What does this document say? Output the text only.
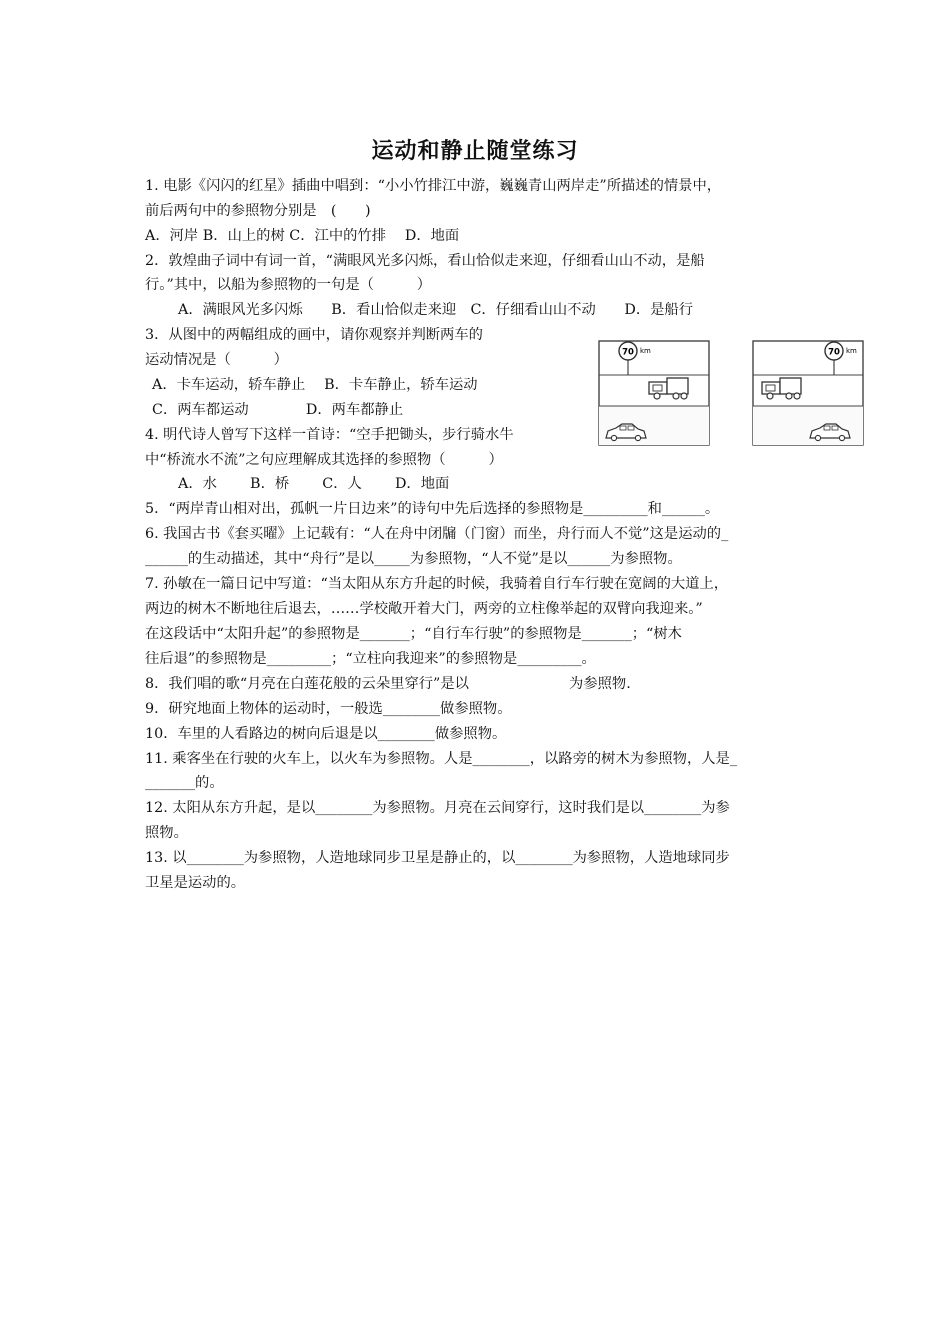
运动和静止随堂练习
1. 电影《闪闪的红星》插曲中唱到：“小小竹排江中游，巍巍青山两岸走”所描述的情景中，
前后两句中的参照物分别是　(　　)
A．河岸 B．山上的树 C．江中的竹排　 D．地面
2．敦煌曲子词中有词一首，“满眼风光多闪烁，看山恰似走来迎，仔细看山山不动，是船
行。”其中，以船为参照物的一句是（　　　）
A．满眼风光多闪烁　　B．看山恰似走来迎　C．仔细看山山不动　　D．是船行
3．从图中的两幅组成的画中，请你观察并判断两车的
运动情况是（　　　）
A．卡车运动，轿车静止　 B．卡车静止，轿车运动
C．两车都运动　　　　D．两车都静止
4. 明代诗人曾写下这样一首诗：“空手把锄头，步行骑水牛
中“桥流水不流”之句应理解成其选择的参照物（　　　）
A．水　　 B．桥　　 C．人　　 D．地面
5．“两岸青山相对出，孤帆一片日边来”的诗句中先后选择的参照物是_________和______。
6. 我国古书《套买曜》上记载有：“人在舟中闭牖（门窗）而坐，舟行而人不觉”这是运动的_
______的生动描述，其中“舟行”是以_____为参照物，“人不觉”是以______为参照物。
7. 孙敏在一篇日记中写道：“当太阳从东方升起的时候，我骑着自行车行驶在宽阔的大道上，
两边的树木不断地往后退去，……学校敞开着大门，两旁的立柱像举起的双臂向我迎来。”
在这段话中“太阳升起”的参照物是_______；“自行车行驶”的参照物是_______；“树木
往后退”的参照物是_________；“立柱向我迎来”的参照物是_________。
8．我们唱的歌“月亮在白莲花般的云朵里穿行”是以　　　　　　　为参照物.
9．研究地面上物体的运动时，一般选________做参照物。
10．车里的人看路边的树向后退是以________做参照物。
11. 乘客坐在行驶的火车上，以火车为参照物。人是________，以路旁的树木为参照物，人是_
_______的。
12. 太阳从东方升起，是以________为参照物。月亮在云间穿行，这时我们是以________为参
照物。
13. 以________为参照物，人造地球同步卫星是静止的，以________为参照物，人造地球同步
卫星是运动的。
70 km	70 km
